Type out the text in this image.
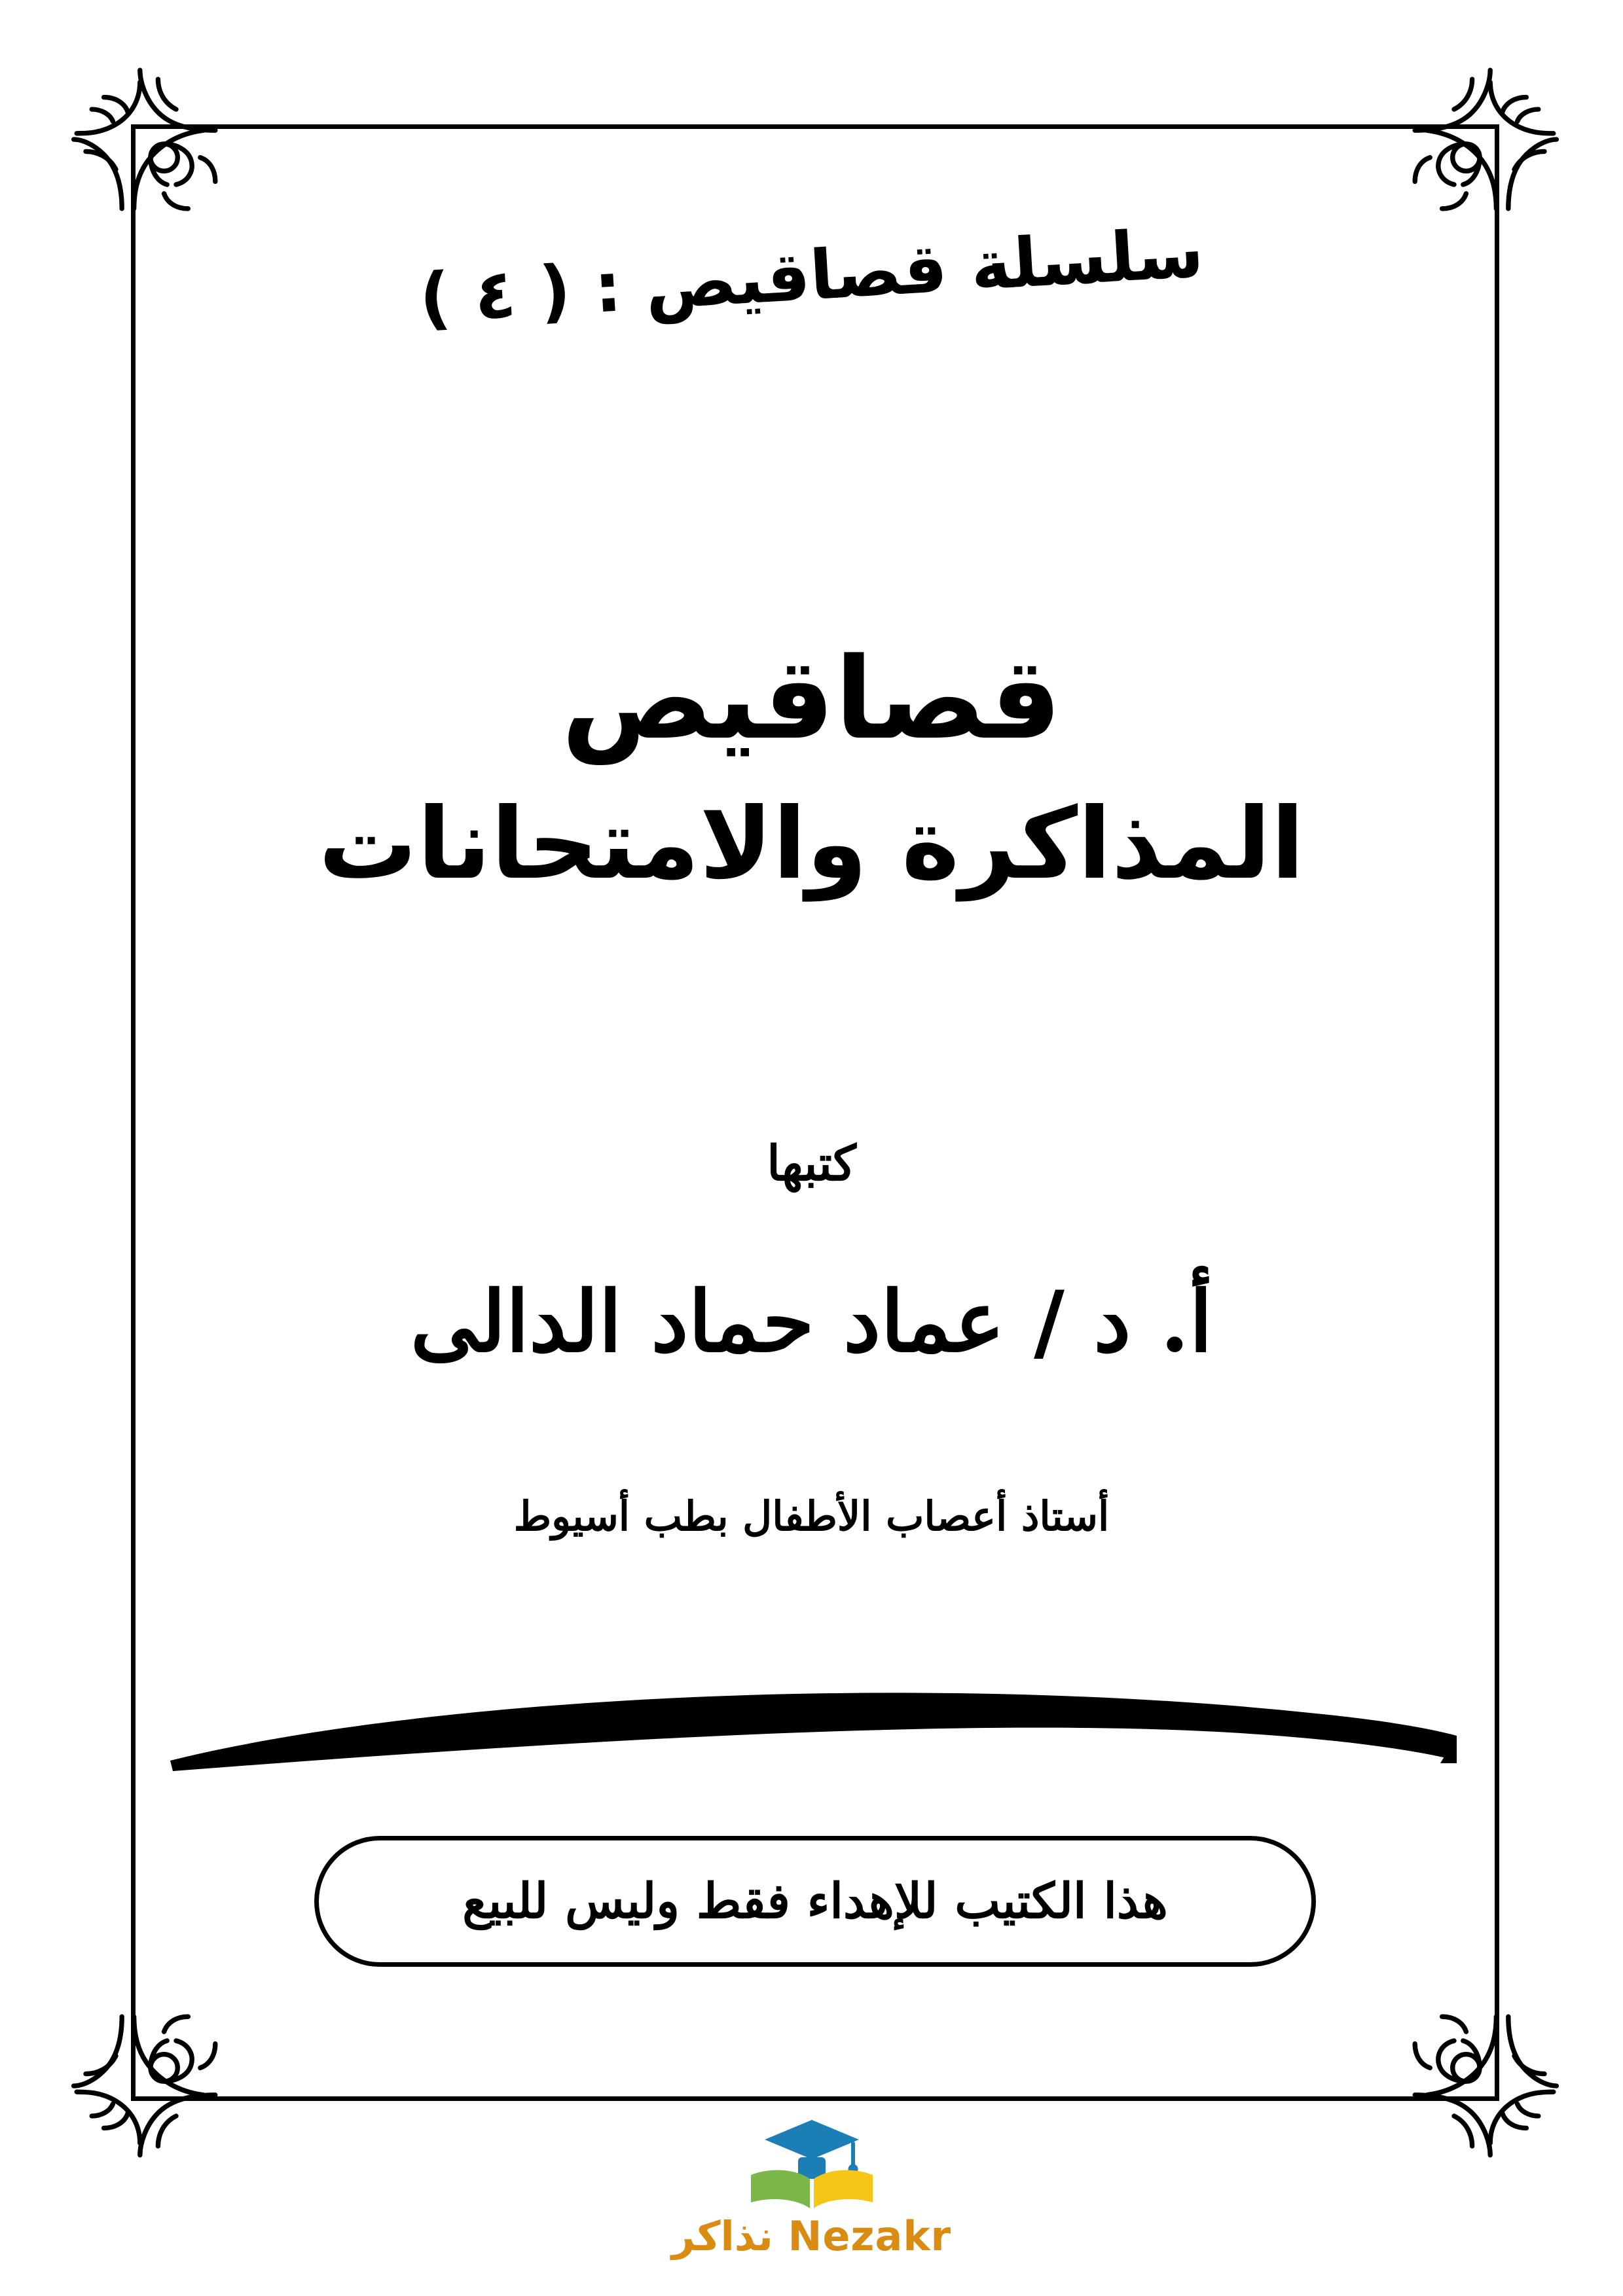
سلسلة قصاقيص : ( ٤ )
قصاقيص
المذاكرة والامتحانات
كتبها
أ. د / عماد حماد الدالى
أستاذ أعصاب الأطفال بطب أسيوط
هذا الكتيب للإهداء فقط وليس للبيع
Nezakr نذاكر
